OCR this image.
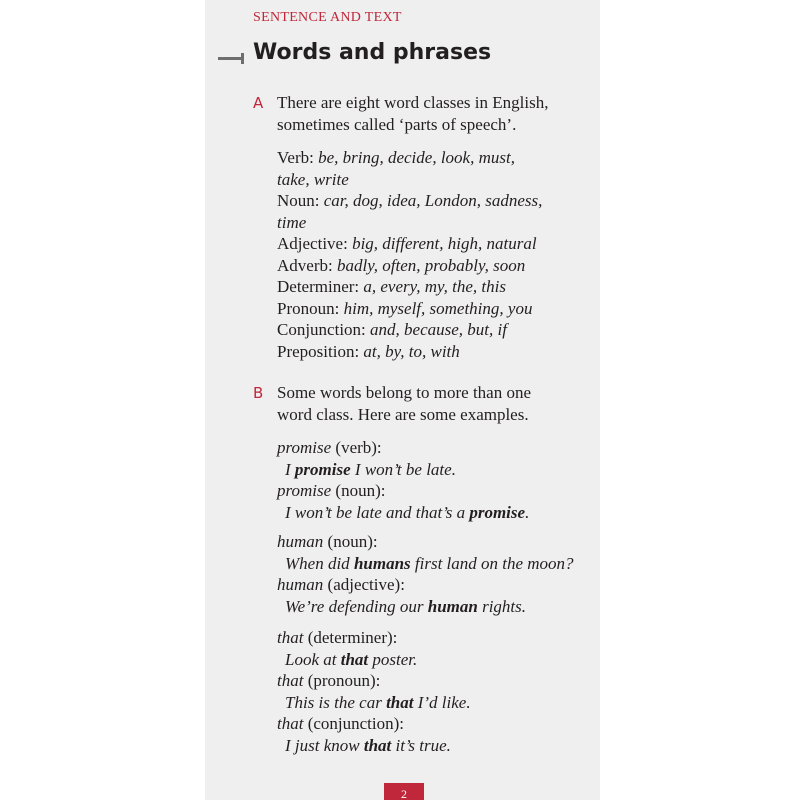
SENTENCE AND TEXT
Words and phrases
A There are eight word classes in English,
sometimes called ‘parts of speech’.
Verb: be, bring, decide, look, must,
take, write
Noun: car, dog, idea, London, sadness,
time
Adjective: big, different, high, natural
Adverb: badly, often, probably, soon
Determiner: a, every, my, the, this
Pronoun: him, myself, something, you
Conjunction: and, because, but, if
Preposition: at, by, to, with
B Some words belong to more than one
word class. Here are some examples.
promise (verb):
I promise I won’t be late.
promise (noun):
I won’t be late and that’s a promise.
human (noun):
When did humans first land on the moon?
human (adjective):
We’re defending our human rights.
that (determiner):
Look at that poster.
that (pronoun):
This is the car that I’d like.
that (conjunction):
I just know that it’s true.
2
